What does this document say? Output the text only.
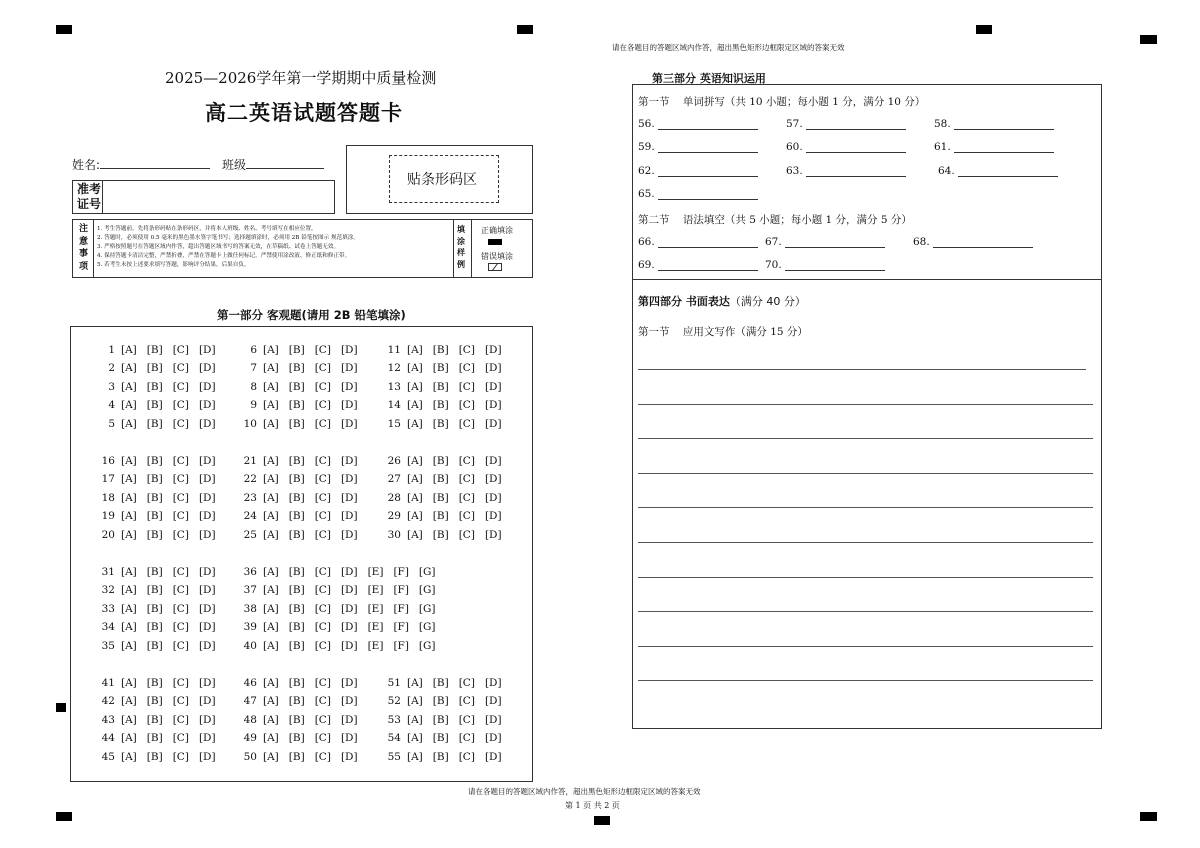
请在各题目的答题区域内作答，超出黑色矩形边框限定区域的答案无效
请在各题目的答题区域内作答，超出黑色矩形边框限定区域的答案无效
第 1 页 共 2 页
2025—2026学年第一学期期中质量检测
高二英语试题答题卡
姓名:	班级
准考
证号
贴条形码区
注
意
事
项
1. 考生答题前，先将条形码贴在条形码区，并将本人班级、姓名、考号填写在相应位置。
2. 答题时，必须使用 0.5 毫米的黑色墨水签字笔书写；选择题填涂时，必须用 2B 铅笔按图示 规范填涂。
3. 严格按照题号在答题区域内作答，超出答题区域书写的答案无效，在草稿纸、试卷上答题无效。
4. 保持答题卡清洁完整，严禁折叠，严禁在答题卡上做任何标记，严禁使用涂改液、修正纸和修正带。
5. 若考生未按上述要求填写答题，影响评分结果，后果自负。
填
涂
样
例
正确填涂
错误填涂
第一部分 客观题(请用 2B 铅笔填涂)
1 [A]   [B]   [C]   [D]
2 [A]   [B]   [C]   [D]
3 [A]   [B]   [C]   [D]
4 [A]   [B]   [C]   [D]
5 [A]   [B]   [C]   [D]
6 [A]   [B]   [C]   [D]
7 [A]   [B]   [C]   [D]
8 [A]   [B]   [C]   [D]
9 [A]   [B]   [C]   [D]
10 [A]   [B]   [C]   [D]
11 [A]   [B]   [C]   [D]
12 [A]   [B]   [C]   [D]
13 [A]   [B]   [C]   [D]
14 [A]   [B]   [C]   [D]
15 [A]   [B]   [C]   [D]
16 [A]   [B]   [C]   [D]
17 [A]   [B]   [C]   [D]
18 [A]   [B]   [C]   [D]
19 [A]   [B]   [C]   [D]
20 [A]   [B]   [C]   [D]
21 [A]   [B]   [C]   [D]
22 [A]   [B]   [C]   [D]
23 [A]   [B]   [C]   [D]
24 [A]   [B]   [C]   [D]
25 [A]   [B]   [C]   [D]
26 [A]   [B]   [C]   [D]
27 [A]   [B]   [C]   [D]
28 [A]   [B]   [C]   [D]
29 [A]   [B]   [C]   [D]
30 [A]   [B]   [C]   [D]
31 [A]   [B]   [C]   [D]
32 [A]   [B]   [C]   [D]
33 [A]   [B]   [C]   [D]
34 [A]   [B]   [C]   [D]
35 [A]   [B]   [C]   [D]
36 [A]   [B]   [C]   [D]   [E]   [F]   [G]
37 [A]   [B]   [C]   [D]   [E]   [F]   [G]
38 [A]   [B]   [C]   [D]   [E]   [F]   [G]
39 [A]   [B]   [C]   [D]   [E]   [F]   [G]
40 [A]   [B]   [C]   [D]   [E]   [F]   [G]
41 [A]   [B]   [C]   [D]
42 [A]   [B]   [C]   [D]
43 [A]   [B]   [C]   [D]
44 [A]   [B]   [C]   [D]
45 [A]   [B]   [C]   [D]
46 [A]   [B]   [C]   [D]
47 [A]   [B]   [C]   [D]
48 [A]   [B]   [C]   [D]
49 [A]   [B]   [C]   [D]
50 [A]   [B]   [C]   [D]
51 [A]   [B]   [C]   [D]
52 [A]   [B]   [C]   [D]
53 [A]   [B]   [C]   [D]
54 [A]   [B]   [C]   [D]
55 [A]   [B]   [C]   [D]
第三部分 英语知识运用
第一节    单词拼写（共 10 小题；每小题 1 分，满分 10 分）
第二节    语法填空（共 5 小题；每小题 1 分，满分 5 分）
56.	57.	58.
59.	60.	61.
62.	63.	64.
65.
66.	67.	68.
69.	70.
第四部分 书面表达（满分 40 分）
第一节    应用文写作（满分 15 分）
